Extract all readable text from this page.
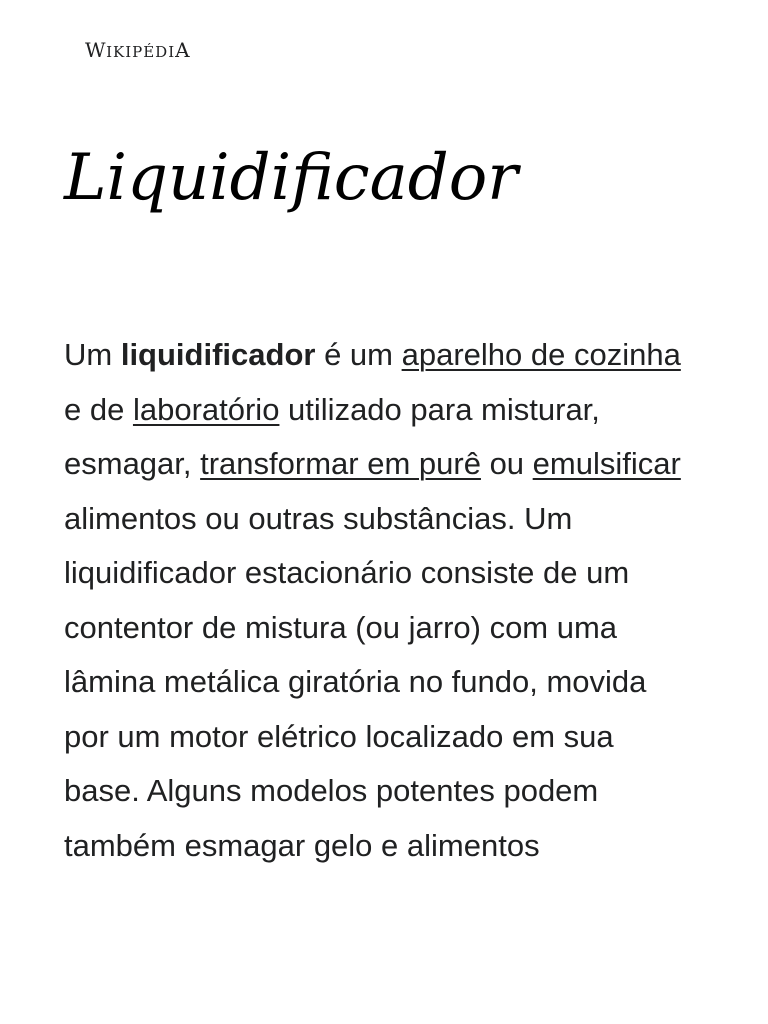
WIKIPÉDIA
Liquidificador

Um liquidificador é um aparelho de cozinha e de laboratório utilizado para misturar, esmagar, transformar em purê ou emulsificar alimentos ou outras substâncias. Um liquidificador estacionário consiste de um contentor de mistura (ou jarro) com uma lâmina metálica giratória no fundo, movida por um motor elétrico localizado em sua base. Alguns modelos potentes podem também esmagar gelo e alimentos
